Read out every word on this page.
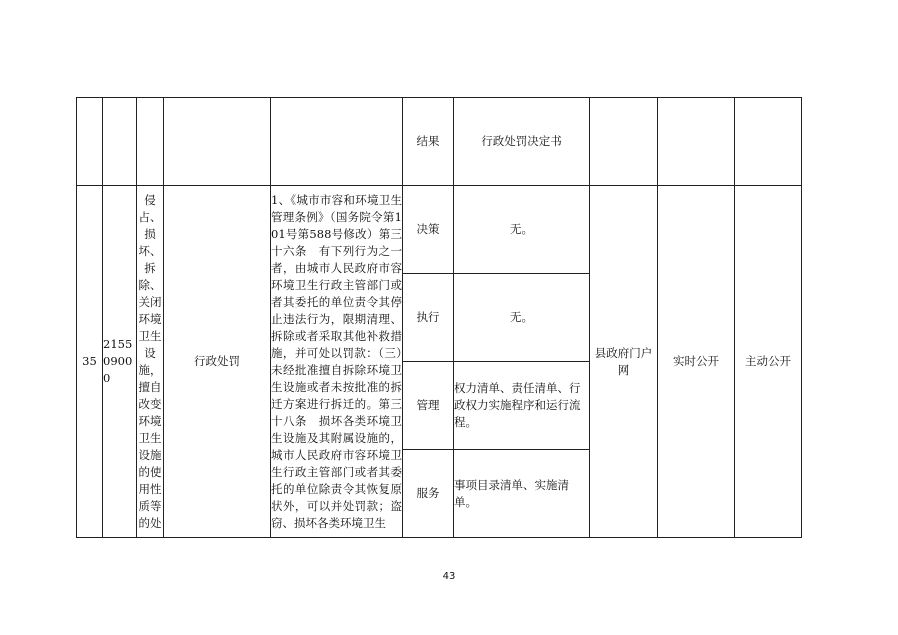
					结果	行政处罚决定书			
35	215509000	侵占、损坏、拆除、关闭环境卫生设施，擅自改变环境卫生设施的使用性质等的处	行政处罚	1、《城市市容和环境卫生管理条例》（国务院令第101号第588号修改）第三十六条　有下列行为之一者，由城市人民政府市容环境卫生行政主管部门或者其委托的单位责令其停止违法行为，限期清理、拆除或者采取其他补救措施，并可处以罚款：（三）未经批准擅自拆除环境卫生设施或者未按批准的拆迁方案进行拆迁的。第三十八条　损坏各类环境卫生设施及其附属设施的，城市人民政府市容环境卫生行政主管部门或者其委托的单位除责令其恢复原状外，可以并处罚款；盗窃、损坏各类环境卫生	决策	无。	县政府门户网	实时公开	主动公开
					执行	无。			
					管理	权力清单、责任清单、行政权力实施程序和运行流程。			
					服务	事项目录清单、实施清单。			
43
